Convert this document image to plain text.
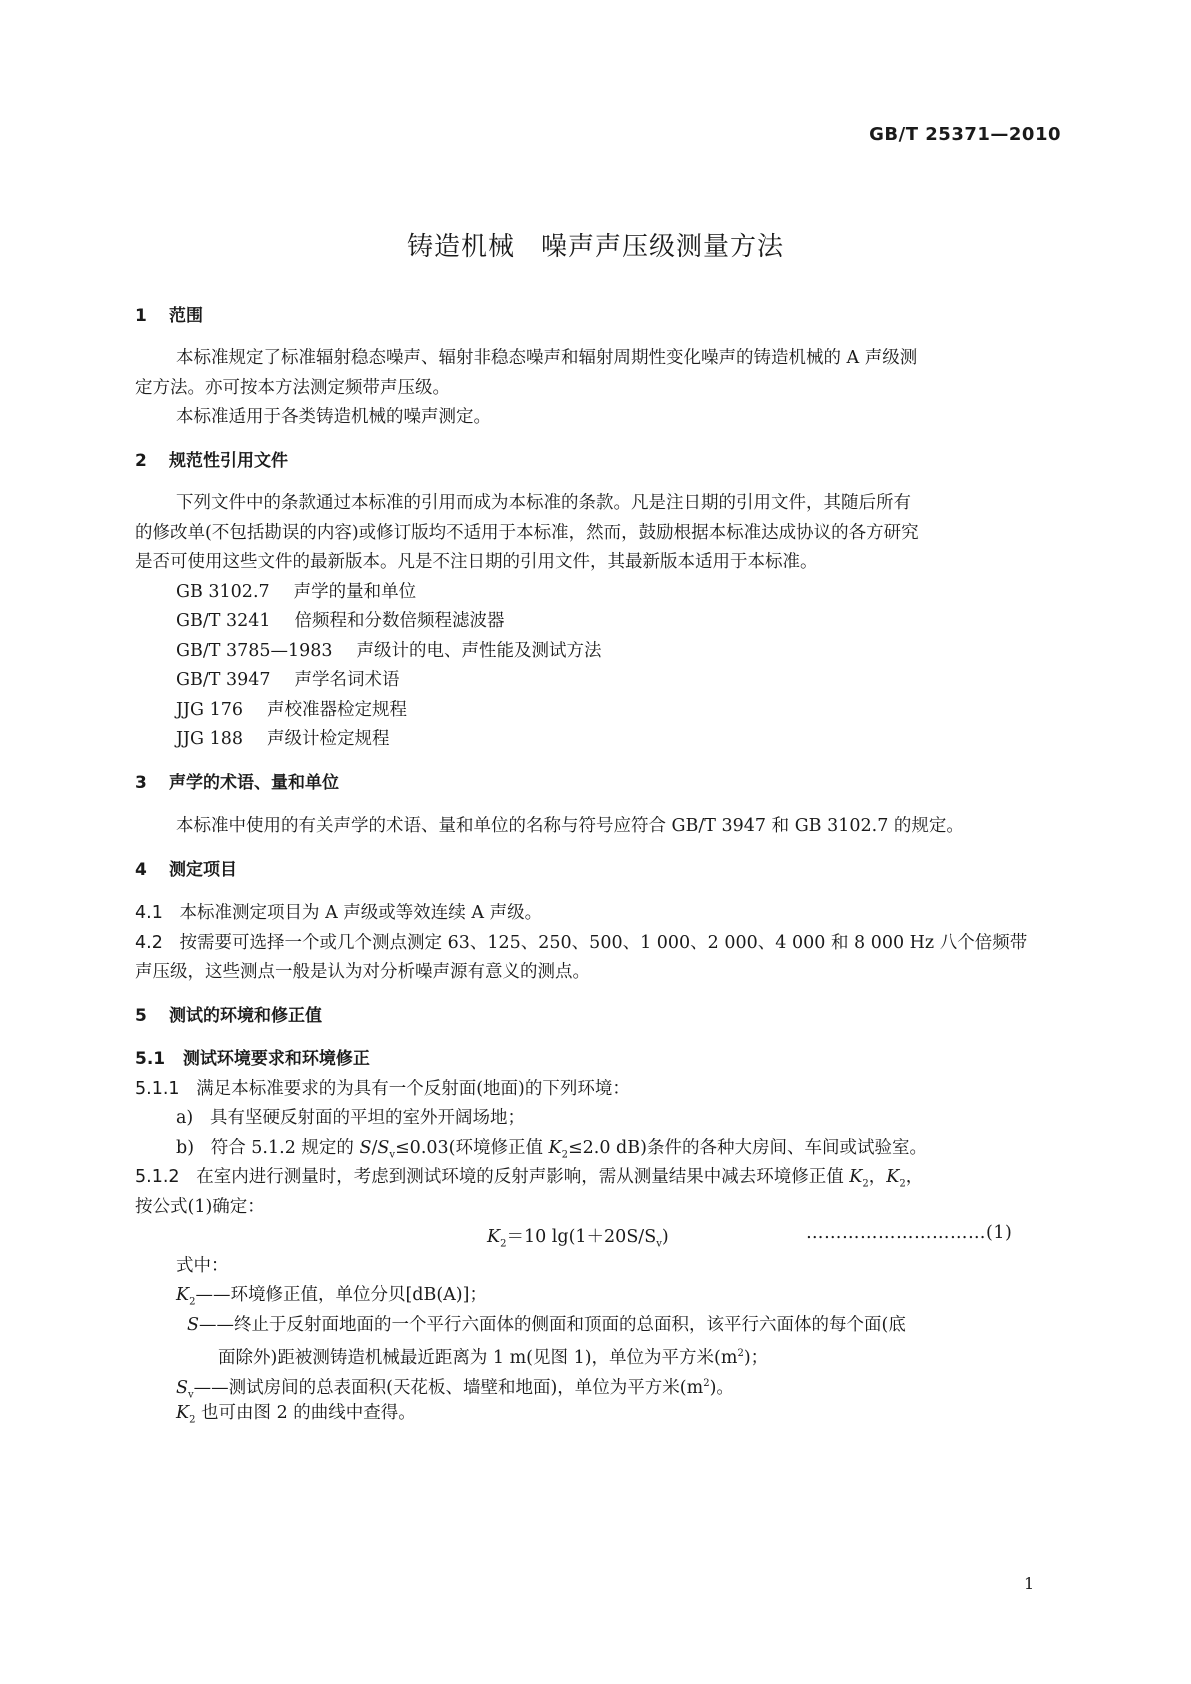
GB/T 25371—2010
铸造机械 噪声声压级测量方法
1 范围
本标准规定了标准辐射稳态噪声、辐射非稳态噪声和辐射周期性变化噪声的铸造机械的 A 声级测
定方法。亦可按本方法测定频带声压级。
本标准适用于各类铸造机械的噪声测定。
2 规范性引用文件
下列文件中的条款通过本标准的引用而成为本标准的条款。凡是注日期的引用文件，其随后所有
的修改单(不包括勘误的内容)或修订版均不适用于本标准，然而，鼓励根据本标准达成协议的各方研究
是否可使用这些文件的最新版本。凡是不注日期的引用文件，其最新版本适用于本标准。
GB 3102.7 声学的量和单位
GB/T 3241 倍频程和分数倍频程滤波器
GB/T 3785—1983 声级计的电、声性能及测试方法
GB/T 3947 声学名词术语
JJG 176 声校准器检定规程
JJG 188 声级计检定规程
3 声学的术语、量和单位
本标准中使用的有关声学的术语、量和单位的名称与符号应符合 GB/T 3947 和 GB 3102.7 的规定。
4 测定项目
4.1 本标准测定项目为 A 声级或等效连续 A 声级。
4.2 按需要可选择一个或几个测点测定 63、125、250、500、1 000、2 000、4 000 和 8 000 Hz 八个倍频带
声压级，这些测点一般是认为对分析噪声源有意义的测点。
5 测试的环境和修正值
5.1 测试环境要求和环境修正
5.1.1 满足本标准要求的为具有一个反射面(地面)的下列环境：
a) 具有坚硬反射面的平坦的室外开阔场地；
b) 符合 5.1.2 规定的 $S/S_v\le 0.03$(环境修正值 $K_2\le 2.0$ dB)条件的各种大房间、车间或试验室。
5.1.2 在室内进行测量时，考虑到测试环境的反射声影响，需从测量结果中减去环境修正值 $K_2$，$K_2$，
按公式(1)确定：
$K_2=10$ $\lg(1+20S/S_v)$	…………………………(1)
式中：
$K_2——$环境修正值，单位分贝[dB(A)]；
S——终止于反射面地面的一个平行六面体的侧面和顶面的总面积，该平行六面体的每个面(底
面除外)距被测铸造机械最近距离为 1 m(见图 1)，单位为平方米$(m^2)$；
$S_v——$测试房间的总表面积(天花板、墙壁和地面)，单位为平方米$(m^2)$。
$K_2$ 也可由图 2 的曲线中查得。
1
